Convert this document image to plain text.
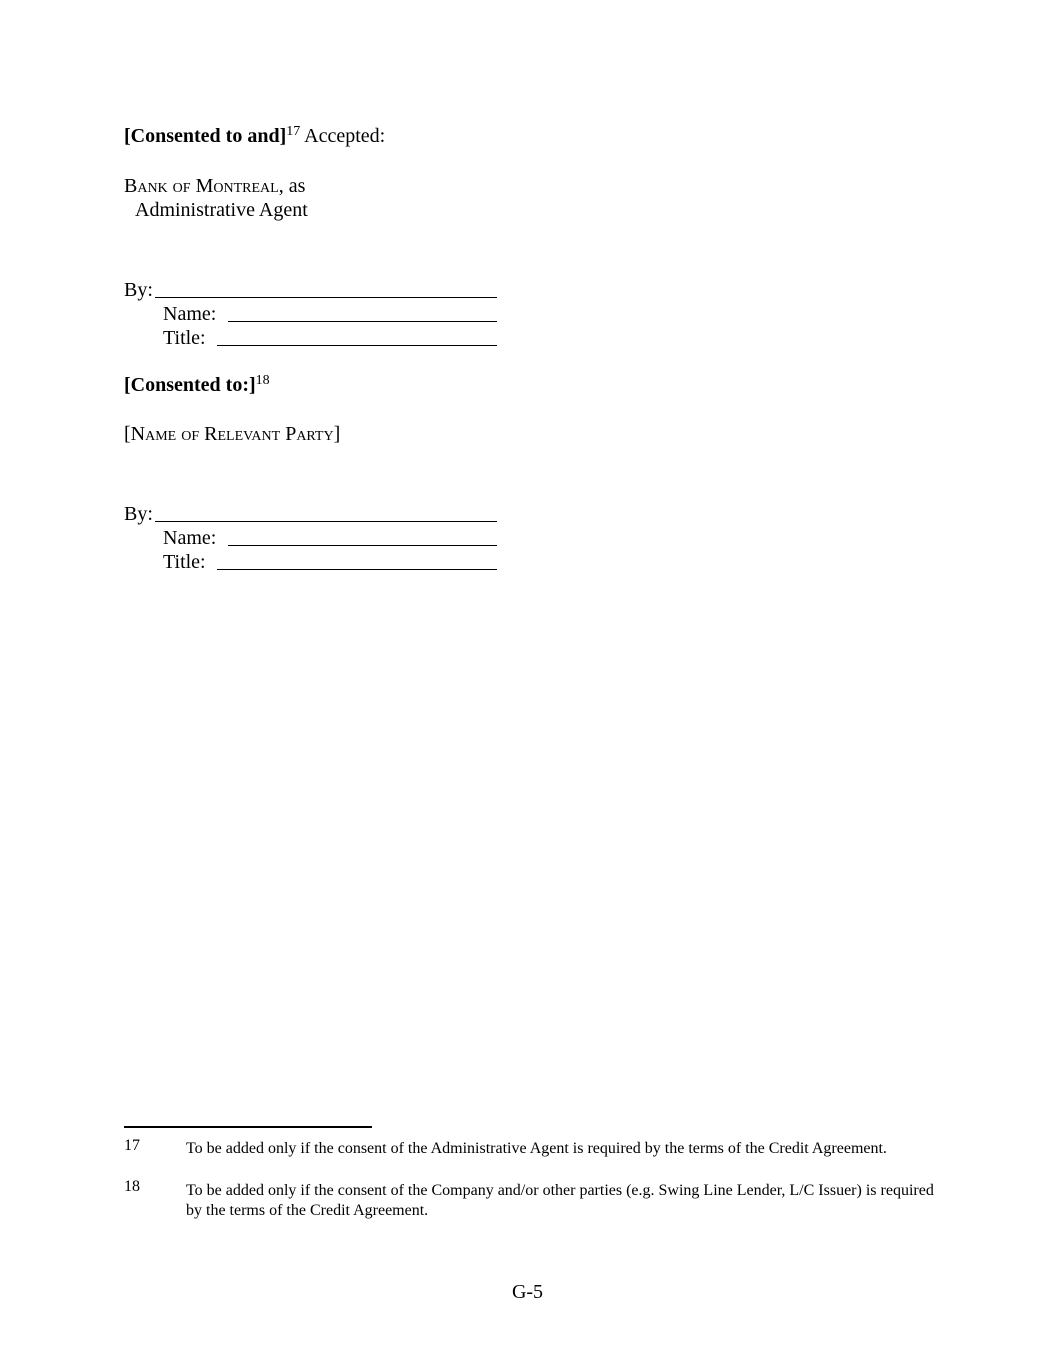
[Consented to and]$^{17}$ Accepted:
Bank of Montreal, as
Administrative Agent
By:
Name:
Title:
[Consented to:]$^{18}$
[Name of Relevant Party]
By:
Name:
Title:
17	To be added only if the consent of the Administrative Agent is required by the terms of the Credit Agreement.
18	To be added only if the consent of the Company and/or other parties (e.g. Swing Line Lender, L/C Issuer) is required by the terms of the Credit Agreement.
G-5
